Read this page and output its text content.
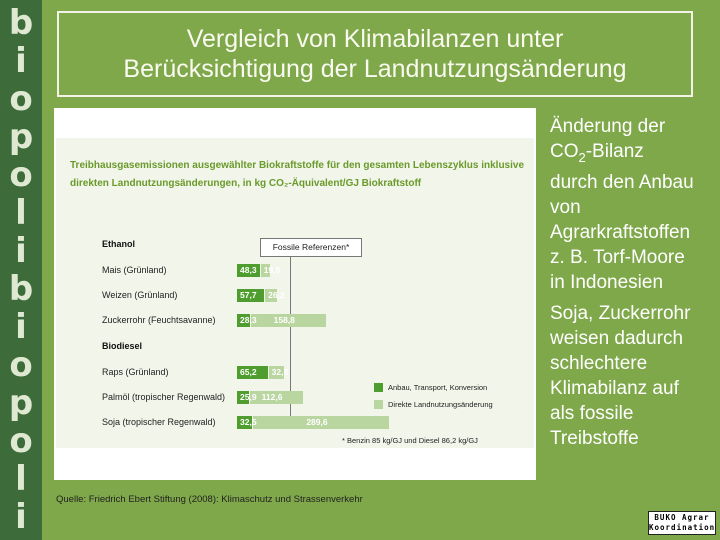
b
i
o
p
o
l
i
b
i
o
p
o
l
i
Vergleich von Klimabilanzen unter
Berücksichtigung der Landnutzungsänderung
Treibhausgasemissionen ausgewählter Biokraftstoffe für den gesamten Lebenszyklus inklusive
direkten Landnutzungsänderungen, in kg CO₂-Äquivalent/GJ Biokraftstoff
Ethanol
Biodiesel
Fossile Referenzen*
Mais (Grünland)	48,3 19,8
Weizen (Grünland)	57,7 26,2
Zuckerrohr (Feuchtsavanne)	28,3 158,8
Raps (Grünland)	65,2 32,8
Palmöl (tropischer Regenwald) 25,9 112,6
Soja (tropischer Regenwald)	32,5	289,6
Anbau, Transport, Konversion
Direkte Landnutzungsänderung
* Benzin 85 kg/GJ und Diesel 86,2 kg/GJ
Quelle: Friedrich Ebert Stiftung (2008): Klimaschutz und Strassenverkehr

Änderung der
$CO_2$-Bilanz
durch den Anbau
von
Agrarkraftstoffen
z. B. Torf-Moore
in Indonesien

Soja, Zuckerrohr
weisen dadurch
schlechtere
Klimabilanz auf
als fossile
Treibstoffe

BUKO Agrar
Koordination
